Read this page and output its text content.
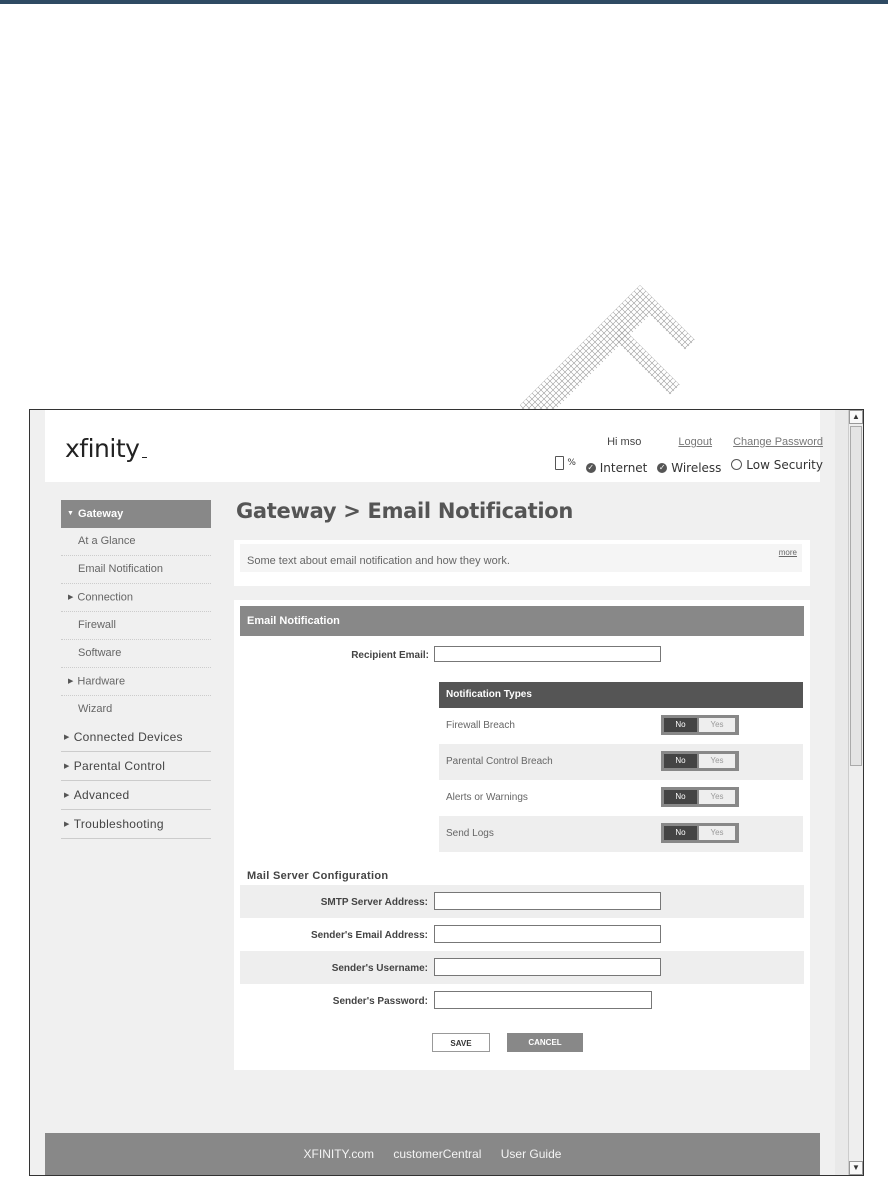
xfinity	Hi mso	Logout Change Password

%
✓ Internet
✓ Wireless
Low Security
▼ Gateway
At a Glance
Email Notification
▶ Connection
Firewall
Software
▶ Hardware
Wizard
▶ Connected Devices
▶ Parental Control
▶ Advanced
▶ Troubleshooting
Gateway > Email Notification
Some text about email notification and how they work.
more
Email Notification
Recipient Email:
Notification Types
Firewall Breach	No	Yes
Parental Control Breach	No	Yes
Alerts or Warnings	No	Yes
Send Logs	No	Yes
Mail Server Configuration
SMTP Server Address:
Sender's Email Address:
Sender's Username:
Sender's Password:
SAVE	CANCEL
XFINITY.com customerCentral User Guide
▲
▼
